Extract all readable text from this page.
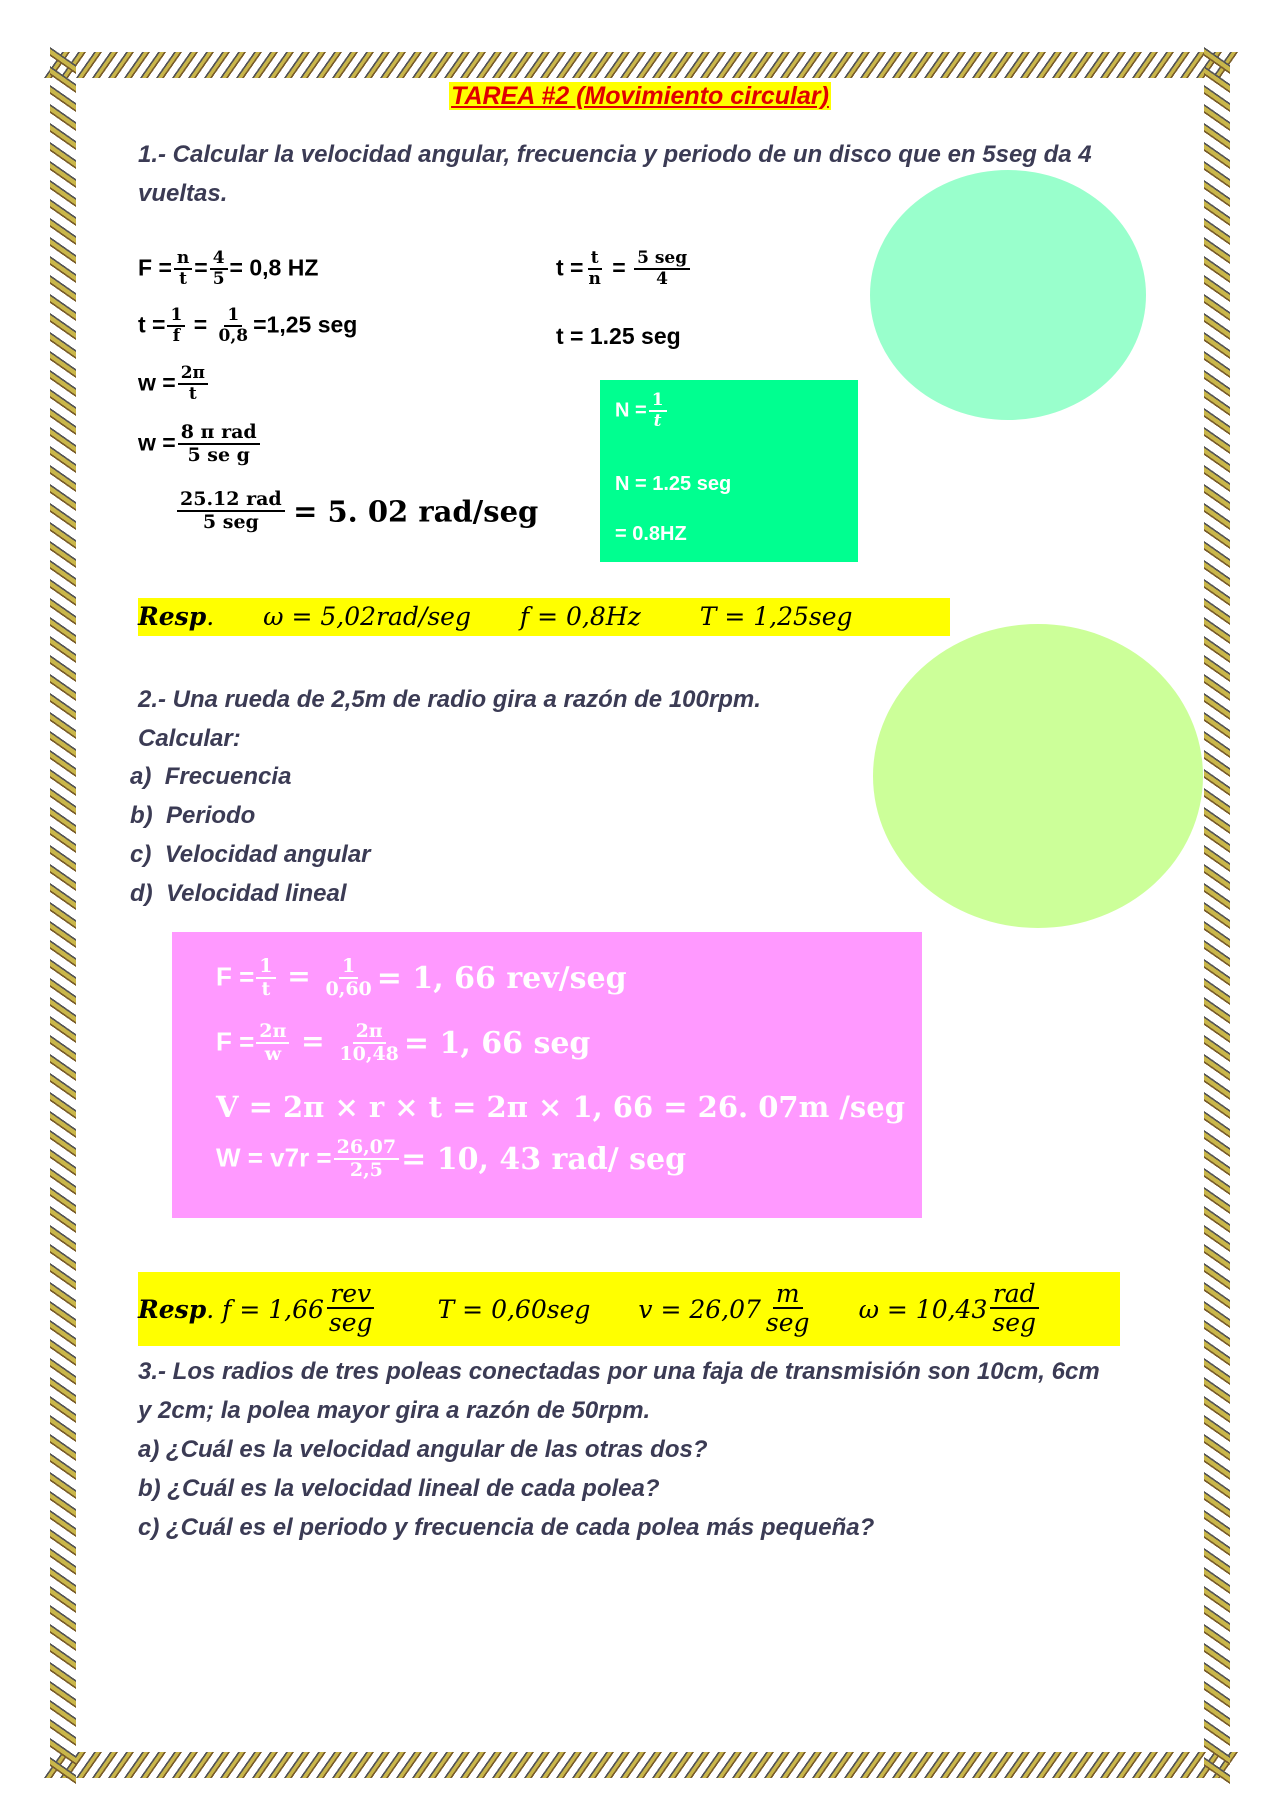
TAREA #2 (Movimiento circular)
1.- Calcular la velocidad angular, frecuencia y periodo de un disco que en 5seg da 4
vueltas.
$F = \frac{n}{t} = \frac{4}{5} = 0,8$ HZ	$t = \frac{t}{n} = \frac{\text{5 seg}}{4}$
$t = \frac{1}{f} = \frac{1}{0,8} =1,25$ seg	t = 1.25 seg
$w = \frac{2\pi}{t}$
$w = \frac{\text{8 π rad}}{\text{5 se g}}$
$\frac{\text{25.12 rad}}{\text{5 seg}} = 5$. 02 rad/seg
$N = \frac{1}{t}$
N = 1.25 seg
= 0.8HZ
Resp. ω = 5,02rad/seg f = 0,8Hz T = 1,25seg
2.- Una rueda de 2,5m de radio gira a razón de 100rpm.
Calcular:
a) Frecuencia
b) Periodo
c) Velocidad angular
d) Velocidad lineal
$F = \frac{1}{t} = \frac{1}{0,60} = 1$, 66 rev/seg
$F = \frac{2\pi}{w} = \frac{2\pi}{10,48} = 1$, 66 seg
V = 2π × r × t = 2π × 1, 66 = 26. 07m /seg
$W = v7r = \frac{26,07}{2,5} = 10$, 43 rad/ seg
Resp . $f = 1,66 \frac{\text{rev}}{\text{seg}}$ T = 0,60seg $v = 26,07 \frac{m}{\text{seg}}$ $\omega = 10,43 \frac{\text{rad}}{\text{seg}}$
3.- Los radios de tres poleas conectadas por una faja de transmisión son 10cm, 6cm
y 2cm; la polea mayor gira a razón de 50rpm.
a) ¿Cuál es la velocidad angular de las otras dos?
b) ¿Cuál es la velocidad lineal de cada polea?
c) ¿Cuál es el periodo y frecuencia de cada polea más pequeña?
